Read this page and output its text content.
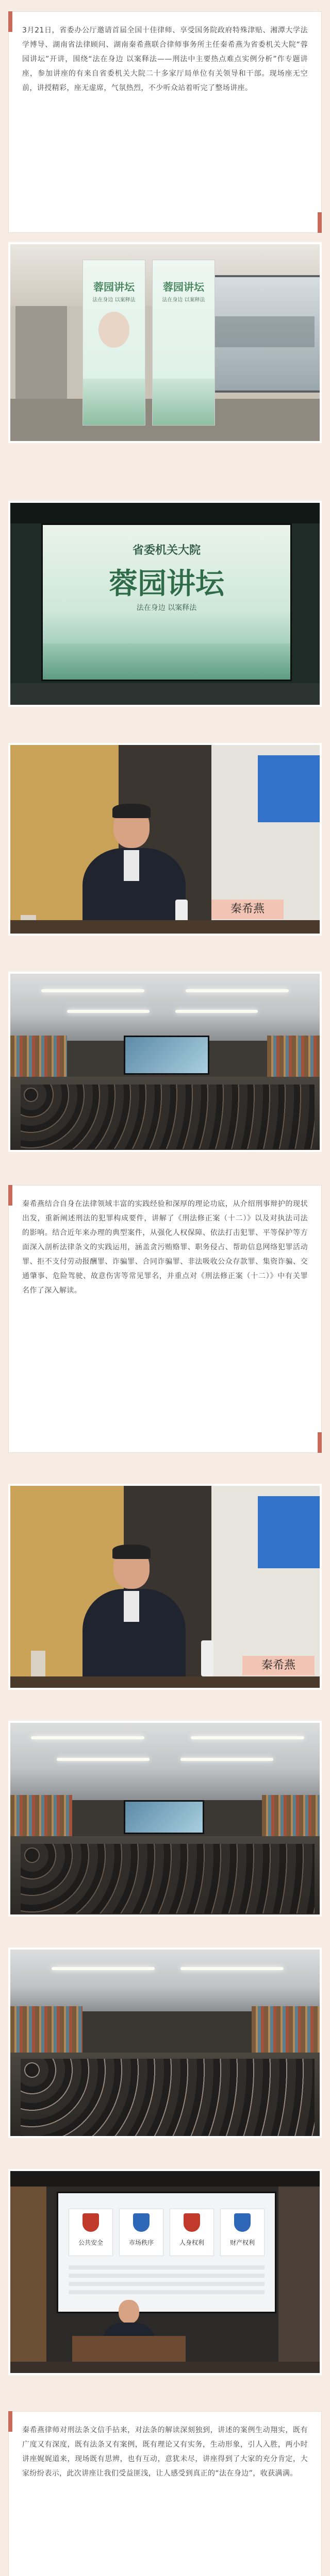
3月21日，省委办公厅邀请首届全国十佳律师、享受国务院政府特殊津贴、湘潭大学法学博导、湖南省法律顾问、湖南秦希燕联合律师事务所主任秦希燕为省委机关大院“蓉园讲坛”开讲，围绕“法在身边 以案释法——刑法中主要热点难点实例分析”作专题讲座，参加讲座的有来自省委机关大院二十多家厅局单位有关领导和干部。现场座无空前，讲授精彩，座无虚席，气氛热烈，不少听众站着听完了整场讲座。

蓉园讲坛
法在身边 以案释法
蓉园讲坛
法在身边 以案释法
省委机关大院
蓉园讲坛
法在身边 以案释法
秦希燕

秦希燕结合自身在法律领域丰富的实践经验和深厚的理论功底，从介绍刑事辩护的现状出发，重新阐述刑法的犯罪构成要件，讲解了《刑法修正案（十二）》以及对执法司法的影响。结合近年来办理的典型案件，从强化人权保障、依法打击犯罪、平等保护等方面深入剖析法律条文的实践运用，涵盖贪污贿赂罪、职务侵占、帮助信息网络犯罪活动罪、拒不支付劳动报酬罪、诈骗罪、合同诈骗罪、非法吸收公众存款罪、集资诈骗、交通肇事、危险驾驶、故意伤害等常见罪名，并重点对《刑法修正案（十二）》中有关罪名作了深入解读。

秦希燕
公共安全	市场秩序	人身权利	财产权利

秦希燕律师对刑法条文信手拈来，对法条的解读深刻独到，讲述的案例生动翔实，既有广度又有深度，既有法条又有案例，既有理论又有实务，生动形象，引人入胜，两小时讲座娓娓道来，现场既有思辨，也有互动，意犹未尽，讲座得到了大家的充分肯定，大家纷纷表示，此次讲座让我们受益匪浅，让人感受到真正的“法在身边”，收获满满。
